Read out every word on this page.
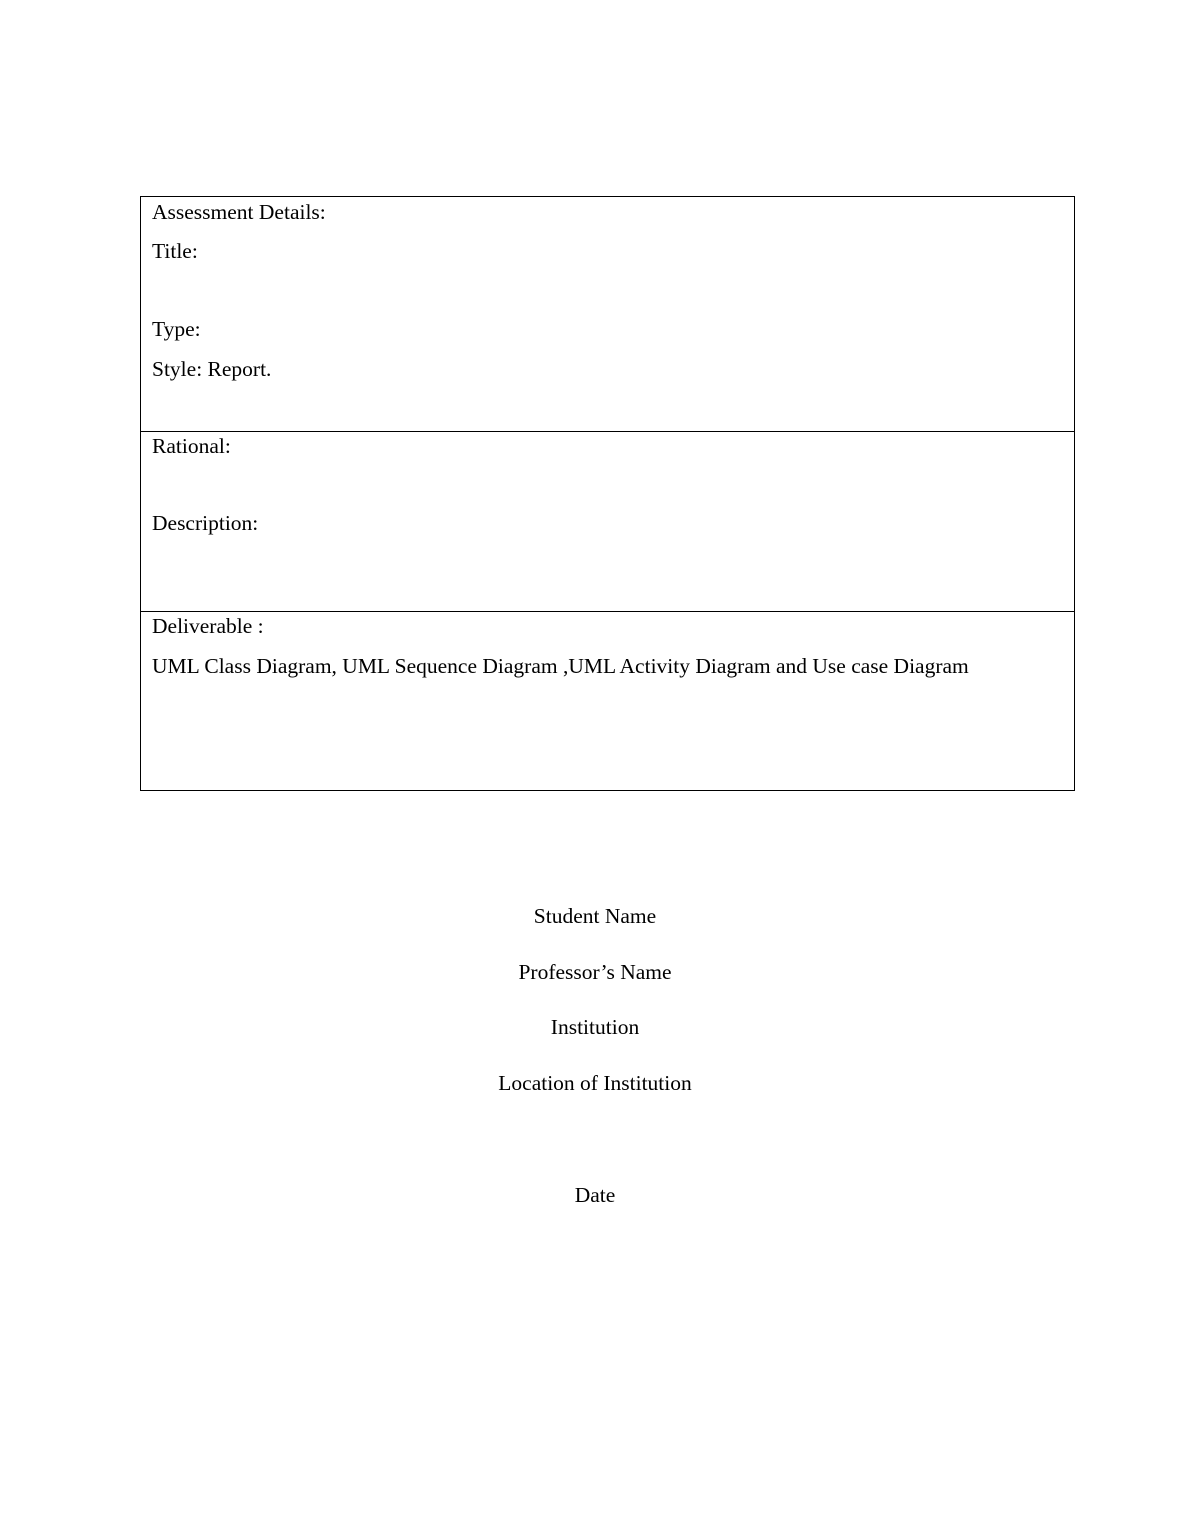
Assessment Details:
Title:
Type:
Style: Report.
Rational:
Description:
Deliverable :
UML Class Diagram, UML Sequence Diagram ,UML Activity Diagram and Use case Diagram
Student Name
Professor’s Name
Institution
Location of Institution
Date
